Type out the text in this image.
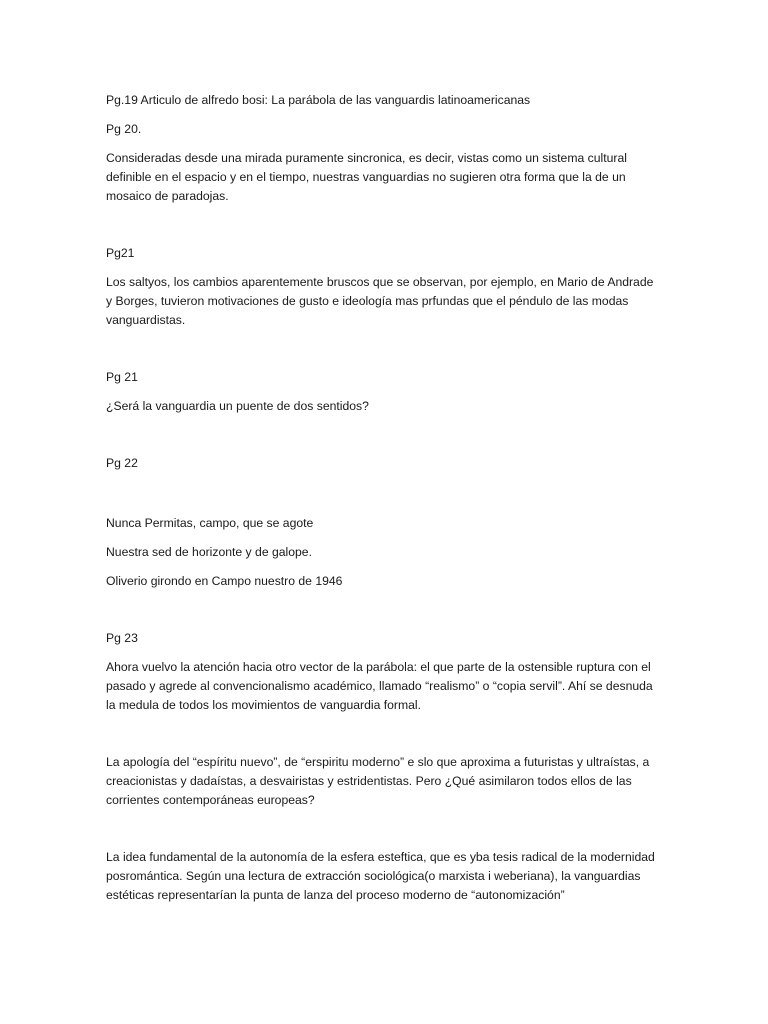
Pg.19 Articulo de alfredo bosi: La parábola de las vanguardis latinoamericanas

Pg 20.

Consideradas desde una mirada puramente sincronica, es decir, vistas como un sistema cultural definible en el espacio y en el tiempo, nuestras vanguardias no sugieren otra forma que la de un mosaico de paradojas.

Pg21

Los saltyos, los cambios aparentemente bruscos que se observan, por ejemplo, en Mario de Andrade y Borges, tuvieron motivaciones de gusto e ideología mas prfundas que el péndulo de las modas vanguardistas.

Pg 21

¿Será la vanguardia un puente de dos sentidos?

Pg 22

Nunca Permitas, campo, que se agote

Nuestra sed de horizonte y de galope.

Oliverio girondo en Campo nuestro de 1946

Pg 23

Ahora vuelvo la atención hacia otro vector de la parábola: el que parte de la ostensible ruptura con el pasado y agrede al convencionalismo académico, llamado “realismo” o “copia servil”. Ahí se desnuda la medula de todos los movimientos de vanguardia formal.

La apología del “espíritu nuevo”, de “erspiritu moderno” e slo que aproxima a futuristas y ultraístas, a creacionistas y dadaístas, a desvairistas y estridentistas. Pero ¿Qué asimilaron todos ellos de las corrientes contemporáneas europeas?

La idea fundamental de la autonomía de la esfera esteftica, que es yba tesis radical de la modernidad posromántica. Según una lectura de extracción sociológica(o marxista i weberiana), la vanguardias estéticas representarían la punta de lanza del proceso moderno de “autonomización”
